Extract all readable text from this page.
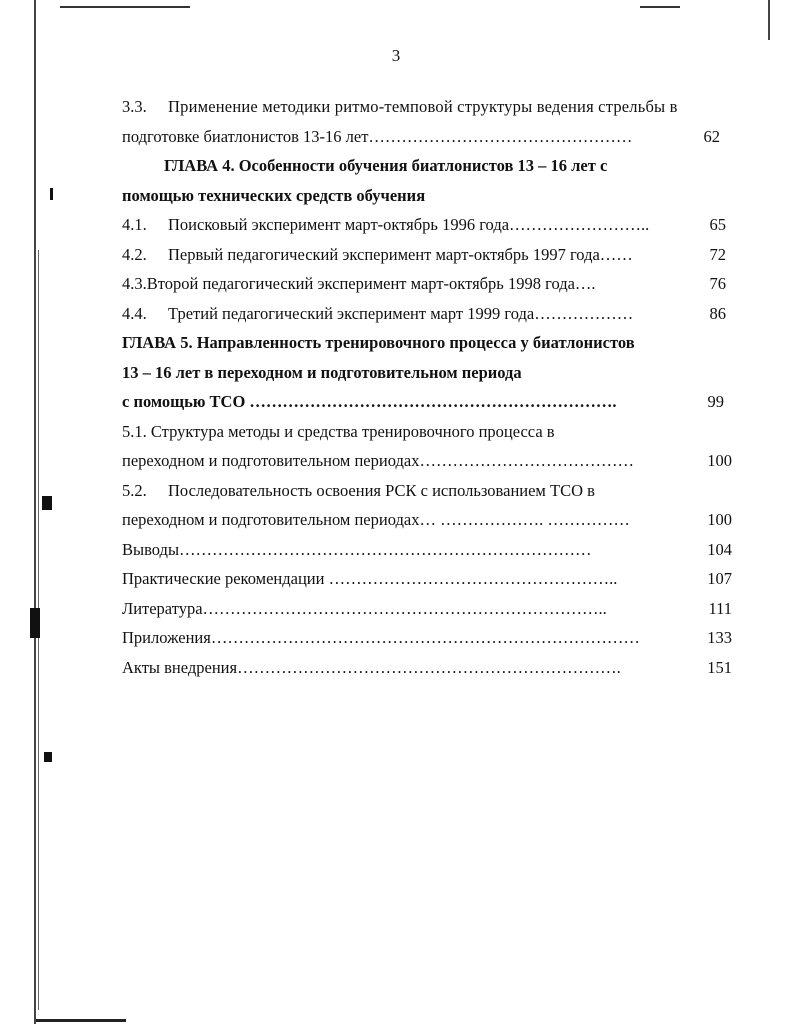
3
3.3. Применение методики ритмо-темповой структуры ведения стрельбы в
подготовке биатлонистов 13-16 лет…………………………………………	62
ГЛАВА 4. Особенности обучения биатлонистов 13 – 16 лет с
помощью технических средств обучения
4.1. Поисковый эксперимент март-октябрь 1996 года……………………..	65
4.2. Первый педагогический эксперимент март-октябрь 1997 года……	72
4.3.Второй педагогический эксперимент март-октябрь 1998 года….	76
4.4. Третий педагогический эксперимент март 1999 года………………	86
ГЛАВА 5. Направленность тренировочного процесса у биатлонистов
13 – 16 лет в переходном и подготовительном периода
с помощью ТСО ………………………………………………………….	99
5.1. Структура методы и средства тренировочного процесса в
переходном и подготовительном периодах…………………………………	100
5.2. Последовательность освоения РСК с использованием ТСО в
переходном и подготовительном периодах… ………………. ……………	100
Выводы…………………………………………………………………	104
Практические рекомендации ……………………………………………..	107
Литература………………………………………………………………..	111
Приложения……………………………………………………………………	133
Акты внедрения…………………………………………………………….	151
